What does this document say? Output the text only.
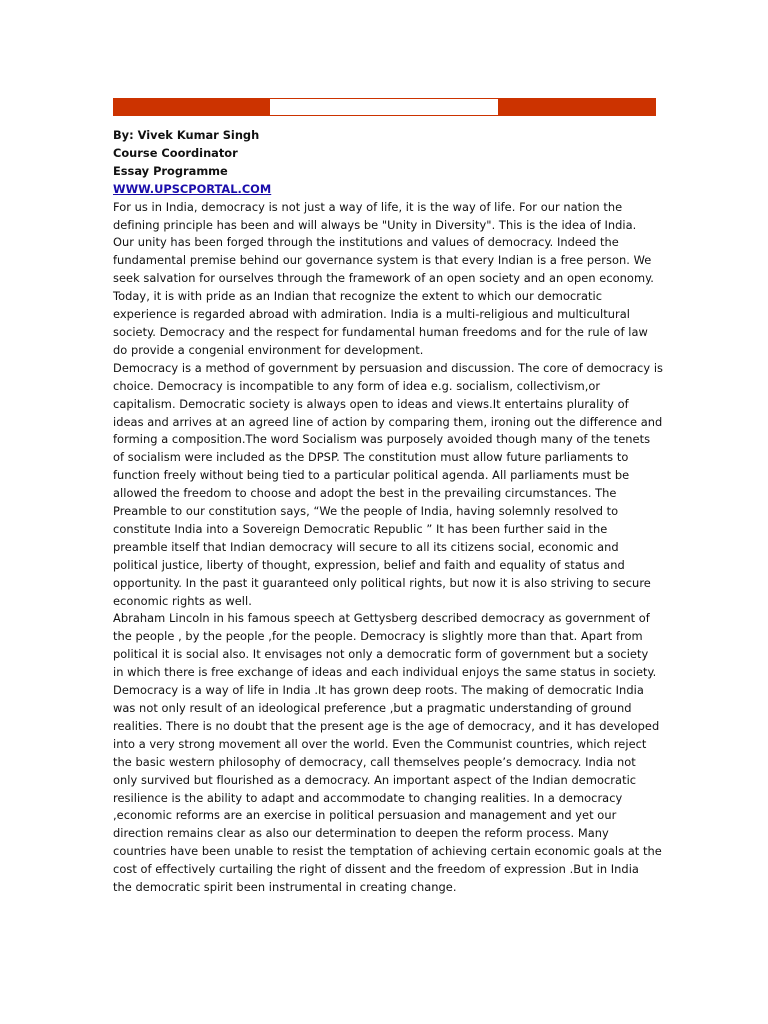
By: Vivek Kumar Singh
Course Coordinator
Essay Programme
WWW.UPSCPORTAL.COM

For us in India, democracy is not just a way of life, it is the way of life. For our nation the
defining principle has been and will always be "Unity in Diversity". This is the idea of India.
Our unity has been forged through the institutions and values of democracy. Indeed the
fundamental premise behind our governance system is that every Indian is a free person. We
seek salvation for ourselves through the framework of an open society and an open economy.
Today, it is with pride as an Indian that recognize the extent to which our democratic
experience is regarded abroad with admiration. India is a multi-religious and multicultural
society. Democracy and the respect for fundamental human freedoms and for the rule of law
do provide a congenial environment for development.

Democracy is a method of government by persuasion and discussion. The core of democracy is
choice. Democracy is incompatible to any form of idea e.g. socialism, collectivism,or
capitalism. Democratic society is always open to ideas and views.It entertains plurality of
ideas and arrives at an agreed line of action by comparing them, ironing out the difference and
forming a composition.The word Socialism was purposely avoided though many of the tenets
of socialism were included as the DPSP. The constitution must allow future parliaments to
function freely without being tied to a particular political agenda. All parliaments must be
allowed the freedom to choose and adopt the best in the prevailing circumstances. The
Preamble to our constitution says, “We the people of India, having solemnly resolved to
constitute India into a Sovereign Democratic Republic ” It has been further said in the
preamble itself that Indian democracy will secure to all its citizens social, economic and
political justice, liberty of thought, expression, belief and faith and equality of status and
opportunity. In the past it guaranteed only political rights, but now it is also striving to secure
economic rights as well.

Abraham Lincoln in his famous speech at Gettysberg described democracy as government of
the people , by the people ,for the people. Democracy is slightly more than that. Apart from
political it is social also. It envisages not only a democratic form of government but a society
in which there is free exchange of ideas and each individual enjoys the same status in society.
Democracy is a way of life in India .It has grown deep roots. The making of democratic India
was not only result of an ideological preference ,but a pragmatic understanding of ground
realities. There is no doubt that the present age is the age of democracy, and it has developed
into a very strong movement all over the world. Even the Communist countries, which reject
the basic western philosophy of democracy, call themselves people’s democracy. India not
only survived but flourished as a democracy. An important aspect of the Indian democratic
resilience is the ability to adapt and accommodate to changing realities. In a democracy
,economic reforms are an exercise in political persuasion and management and yet our
direction remains clear as also our determination to deepen the reform process. Many
countries have been unable to resist the temptation of achieving certain economic goals at the
cost of effectively curtailing the right of dissent and the freedom of expression .But in India
the democratic spirit been instrumental in creating change.
